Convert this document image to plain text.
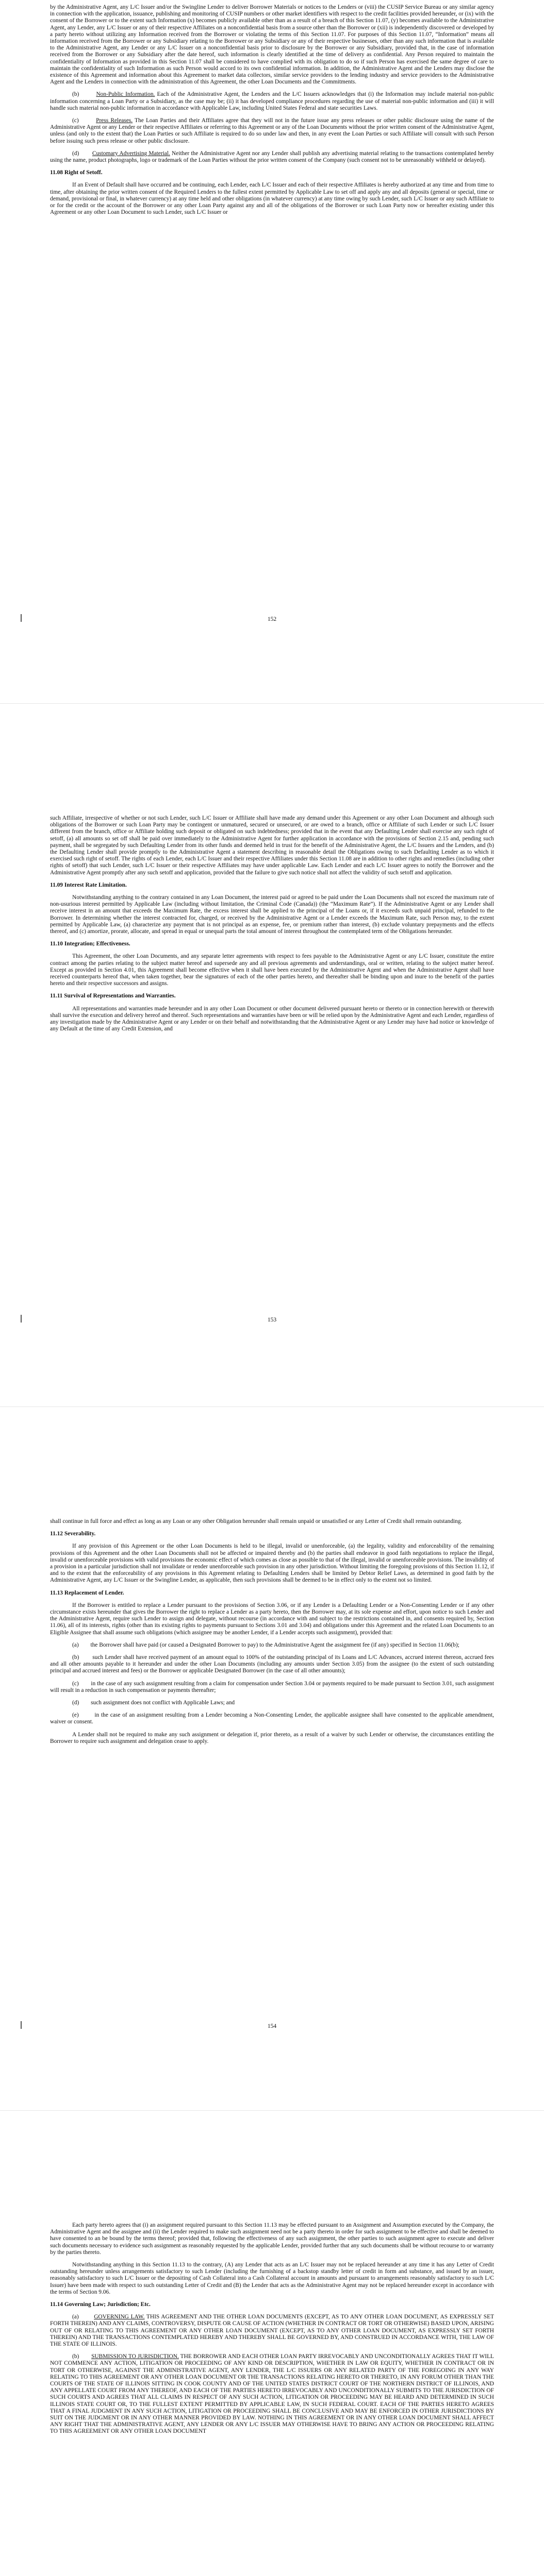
by the Administrative Agent, any L/C Issuer and/or the Swingline Lender to deliver Borrower Materials or notices to the Lenders or (viii) the CUSIP Service Bureau or any similar agency in connection with the application, issuance, publishing and monitoring of CUSIP numbers or other market identifiers with respect to the credit facilities provided hereunder, or (ix) with the consent of the Borrower or to the extent such Information (x) becomes publicly available other than as a result of a breach of this Section 11.07, (y) becomes available to the Administrative Agent, any Lender, any L/C Issuer or any of their respective Affiliates on a nonconfidential basis from a source other than the Borrower or (xii) is independently discovered or developed by a party hereto without utilizing any Information received from the Borrower or violating the terms of this Section 11.07. For purposes of this Section 11.07, “Information” means all information received from the Borrower or any Subsidiary relating to the Borrower or any Subsidiary or any of their respective businesses, other than any such information that is available to the Administrative Agent, any Lender or any L/C Issuer on a nonconfidential basis prior to disclosure by the Borrower or any Subsidiary, provided that, in the case of information received from the Borrower or any Subsidiary after the date hereof, such information is clearly identified at the time of delivery as confidential. Any Person required to maintain the confidentiality of Information as provided in this Section 11.07 shall be considered to have complied with its obligation to do so if such Person has exercised the same degree of care to maintain the confidentiality of such Information as such Person would accord to its own confidential information. In addition, the Administrative Agent and the Lenders may disclose the existence of this Agreement and information about this Agreement to market data collectors, similar service providers to the lending industry and service providers to the Administrative Agent and the Lenders in connection with the administration of this Agreement, the other Loan Documents and the Commitments.

(b)	Non-Public Information. Each of the Administrative Agent, the Lenders and the L/C Issuers acknowledges that (i) the Information may include material non-public information concerning a Loan Party or a Subsidiary, as the case may be; (ii) it has developed compliance procedures regarding the use of material non-public information and (iii) it will handle such material non-public information in accordance with Applicable Law, including United States Federal and state securities Laws.

(c)	Press Releases. The Loan Parties and their Affiliates agree that they will not in the future issue any press releases or other public disclosure using the name of the Administrative Agent or any Lender or their respective Affiliates or referring to this Agreement or any of the Loan Documents without the prior written consent of the Administrative Agent, unless (and only to the extent that) the Loan Parties or such Affiliate is required to do so under law and then, in any event the Loan Parties or such Affiliate will consult with such Person before issuing such press release or other public disclosure.

(d) Customary Advertising Material. Neither the Administrative Agent nor any Lender shall publish any advertising material relating to the transactions contemplated hereby using the name, product photographs, logo or trademark of the Loan Parties without the prior written consent of the Company (such consent not to be unreasonably withheld or delayed).

11.08 Right of Setoff.

If an Event of Default shall have occurred and be continuing, each Lender, each L/C Issuer and each of their respective Affiliates is hereby authorized at any time and from time to time, after obtaining the prior written consent of the Required Lenders to the fullest extent permitted by Applicable Law to set off and apply any and all deposits (general or special, time or demand, provisional or final, in whatever currency) at any time held and other obligations (in whatever currency) at any time owing by such Lender, such L/C Issuer or any such Affiliate to or for the credit or the account of the Borrower or any other Loan Party against any and all of the obligations of the Borrower or such Loan Party now or hereafter existing under this Agreement or any other Loan Document to such Lender, such L/C Issuer or

152

such Affiliate, irrespective of whether or not such Lender, such L/C Issuer or Affiliate shall have made any demand under this Agreement or any other Loan Document and although such obligations of the Borrower or such Loan Party may be contingent or unmatured, secured or unsecured, or are owed to a branch, office or Affiliate of such Lender or such L/C Issuer different from the branch, office or Affiliate holding such deposit or obligated on such indebtedness; provided that in the event that any Defaulting Lender shall exercise any such right of setoff, (a) all amounts so set off shall be paid over immediately to the Administrative Agent for further application in accordance with the provisions of Section 2.15 and, pending such payment, shall be segregated by such Defaulting Lender from its other funds and deemed held in trust for the benefit of the Administrative Agent, the L/C Issuers and the Lenders, and (b) the Defaulting Lender shall provide promptly to the Administrative Agent a statement describing in reasonable detail the Obligations owing to such Defaulting Lender as to which it exercised such right of setoff. The rights of each Lender, each L/C Issuer and their respective Affiliates under this Section 11.08 are in addition to other rights and remedies (including other rights of setoff) that such Lender, such L/C Issuer or their respective Affiliates may have under applicable Law. Each Lender and each L/C Issuer agrees to notify the Borrower and the Administrative Agent promptly after any such setoff and application, provided that the failure to give such notice shall not affect the validity of such setoff and application.

11.09 Interest Rate Limitation.

Notwithstanding anything to the contrary contained in any Loan Document, the interest paid or agreed to be paid under the Loan Documents shall not exceed the maximum rate of non-usurious interest permitted by Applicable Law (including without limitation, the Criminal Code (Canada)) (the “Maximum Rate”). If the Administrative Agent or any Lender shall receive interest in an amount that exceeds the Maximum Rate, the excess interest shall be applied to the principal of the Loans or, if it exceeds such unpaid principal, refunded to the Borrower. In determining whether the interest contracted for, charged, or received by the Administrative Agent or a Lender exceeds the Maximum Rate, such Person may, to the extent permitted by Applicable Law, (a) characterize any payment that is not principal as an expense, fee, or premium rather than interest, (b) exclude voluntary prepayments and the effects thereof, and (c) amortize, prorate, allocate, and spread in equal or unequal parts the total amount of interest throughout the contemplated term of the Obligations hereunder.

11.10 Integration; Effectiveness.

This Agreement, the other Loan Documents, and any separate letter agreements with respect to fees payable to the Administrative Agent or any L/C Issuer, constitute the entire contract among the parties relating to the subject matter hereof and supersede any and all previous agreements and understandings, oral or written, relating to the subject matter hereof. Except as provided in Section 4.01, this Agreement shall become effective when it shall have been executed by the Administrative Agent and when the Administrative Agent shall have received counterparts hereof that, when taken together, bear the signatures of each of the other parties hereto, and thereafter shall be binding upon and inure to the benefit of the parties hereto and their respective successors and assigns.

11.11 Survival of Representations and Warranties.

All representations and warranties made hereunder and in any other Loan Document or other document delivered pursuant hereto or thereto or in connection herewith or therewith shall survive the execution and delivery hereof and thereof. Such representations and warranties have been or will be relied upon by the Administrative Agent and each Lender, regardless of any investigation made by the Administrative Agent or any Lender or on their behalf and notwithstanding that the Administrative Agent or any Lender may have had notice or knowledge of any Default at the time of any Credit Extension, and

153

shall continue in full force and effect as long as any Loan or any other Obligation hereunder shall remain unpaid or unsatisfied or any Letter of Credit shall remain outstanding.

11.12 Severability.

If any provision of this Agreement or the other Loan Documents is held to be illegal, invalid or unenforceable, (a) the legality, validity and enforceability of the remaining provisions of this Agreement and the other Loan Documents shall not be affected or impaired thereby and (b) the parties shall endeavor in good faith negotiations to replace the illegal, invalid or unenforceable provisions with valid provisions the economic effect of which comes as close as possible to that of the illegal, invalid or unenforceable provisions. The invalidity of a provision in a particular jurisdiction shall not invalidate or render unenforceable such provision in any other jurisdiction. Without limiting the foregoing provisions of this Section 11.12, if and to the extent that the enforceability of any provisions in this Agreement relating to Defaulting Lenders shall be limited by Debtor Relief Laws, as determined in good faith by the Administrative Agent, any L/C Issuer or the Swingline Lender, as applicable, then such provisions shall be deemed to be in effect only to the extent not so limited.

11.13 Replacement of Lender.

If the Borrower is entitled to replace a Lender pursuant to the provisions of Section 3.06, or if any Lender is a Defaulting Lender or a Non-Consenting Lender or if any other circumstance exists hereunder that gives the Borrower the right to replace a Lender as a party hereto, then the Borrower may, at its sole expense and effort, upon notice to such Lender and the Administrative Agent, require such Lender to assign and delegate, without recourse (in accordance with and subject to the restrictions contained in, and consents required by, Section 11.06), all of its interests, rights (other than its existing rights to payments pursuant to Sections 3.01 and 3.04) and obligations under this Agreement and the related Loan Documents to an Eligible Assignee that shall assume such obligations (which assignee may be another Lender, if a Lender accepts such assignment), provided that:

(a) the Borrower shall have paid (or caused a Designated Borrower to pay) to the Administrative Agent the assignment fee (if any) specified in Section 11.06(b);

(b) such Lender shall have received payment of an amount equal to 100% of the outstanding principal of its Loans and L/C Advances, accrued interest thereon, accrued fees and all other amounts payable to it hereunder and under the other Loan Documents (including any amounts under Section 3.05) from the assignee (to the extent of such outstanding principal and accrued interest and fees) or the Borrower or applicable Designated Borrower (in the case of all other amounts);

(c) in the case of any such assignment resulting from a claim for compensation under Section 3.04 or payments required to be made pursuant to Section 3.01, such assignment will result in a reduction in such compensation or payments thereafter;

(d) such assignment does not conflict with Applicable Laws; and

(e)	in the case of an assignment resulting from a Lender becoming a Non-Consenting Lender, the applicable assignee shall have consented to the applicable amendment, waiver or consent.

A Lender shall not be required to make any such assignment or delegation if, prior thereto, as a result of a waiver by such Lender or otherwise, the circumstances entitling the Borrower to require such assignment and delegation cease to apply.

154

Each party hereto agrees that (i) an assignment required pursuant to this Section 11.13 may be effected pursuant to an Assignment and Assumption executed by the Company, the Administrative Agent and the assignee and (ii) the Lender required to make such assignment need not be a party thereto in order for such assignment to be effective and shall be deemed to have consented to an be bound by the terms thereof; provided that, following the effectiveness of any such assignment, the other parties to such assignment agree to execute and deliver such documents necessary to evidence such assignment as reasonably requested by the applicable Lender, provided further that any such documents shall be without recourse to or warranty by the parties thereto.

Notwithstanding anything in this Section 11.13 to the contrary, (A) any Lender that acts as an L/C Issuer may not be replaced hereunder at any time it has any Letter of Credit outstanding hereunder unless arrangements satisfactory to such Lender (including the furnishing of a backstop standby letter of credit in form and substance, and issued by an issuer, reasonably satisfactory to such L/C Issuer or the depositing of Cash Collateral into a Cash Collateral account in amounts and pursuant to arrangements reasonably satisfactory to such L/C Issuer) have been made with respect to such outstanding Letter of Credit and (B) the Lender that acts as the Administrative Agent may not be replaced hereunder except in accordance with the terms of Section 9.06.

11.14 Governing Law; Jurisdiction; Etc.

(a)	GOVERNING LAW. THIS AGREEMENT AND THE OTHER LOAN DOCUMENTS (EXCEPT, AS TO ANY OTHER LOAN DOCUMENT, AS EXPRESSLY SET FORTH THEREIN) AND ANY CLAIMS, CONTROVERSY, DISPUTE OR CAUSE OF ACTION (WHETHER IN CONTRACT OR TORT OR OTHERWISE) BASED UPON, ARISING OUT OF OR RELATING TO THIS AGREEMENT OR ANY OTHER LOAN DOCUMENT (EXCEPT, AS TO ANY OTHER LOAN DOCUMENT, AS EXPRESSLY SET FORTH THEREIN) AND THE TRANSACTIONS CONTEMPLATED HEREBY AND THEREBY SHALL BE GOVERNED BY, AND CONSTRUED IN ACCORDANCE WITH, THE LAW OF THE STATE OF ILLINOIS.

(b) SUBMISSION TO JURISDICTION. THE BORROWER AND EACH OTHER LOAN PARTY IRREVOCABLY AND UNCONDITIONALLY AGREES THAT IT WILL NOT COMMENCE ANY ACTION, LITIGATION OR PROCEEDING OF ANY KIND OR DESCRIPTION, WHETHER IN LAW OR EQUITY, WHETHER IN CONTRACT OR IN TORT OR OTHERWISE, AGAINST THE ADMINISTRATIVE AGENT, ANY LENDER, THE L/C ISSUERS OR ANY RELATED PARTY OF THE FOREGOING IN ANY WAY RELATING TO THIS AGREEMENT OR ANY OTHER LOAN DOCUMENT OR THE TRANSACTIONS RELATING HERETO OR THERETO, IN ANY FORUM OTHER THAN THE COURTS OF THE STATE OF ILLINOIS SITTING IN COOK COUNTY AND OF THE UNITED STATES DISTRICT COURT OF THE NORTHERN DISTRICT OF ILLINOIS, AND ANY APPELLATE COURT FROM ANY THEREOF, AND EACH OF THE PARTIES HERETO IRREVOCABLY AND UNCONDITIONALLY SUBMITS TO THE JURISDICTION OF SUCH COURTS AND AGREES THAT ALL CLAIMS IN RESPECT OF ANY SUCH ACTION, LITIGATION OR PROCEEDING MAY BE HEARD AND DETERMINED IN SUCH ILLINOIS STATE COURT OR, TO THE FULLEST EXTENT PERMITTED BY APPLICABLE LAW, IN SUCH FEDERAL COURT. EACH OF THE PARTIES HERETO AGREES THAT A FINAL JUDGMENT IN ANY SUCH ACTION, LITIGATION OR PROCEEDING SHALL BE CONCLUSIVE AND MAY BE ENFORCED IN OTHER JURISDICTIONS BY SUIT ON THE JUDGMENT OR IN ANY OTHER MANNER PROVIDED BY LAW. NOTHING IN THIS AGREEMENT OR IN ANY OTHER LOAN DOCUMENT SHALL AFFECT ANY RIGHT THAT THE ADMINISTRATIVE AGENT, ANY LENDER OR ANY L/C ISSUER MAY OTHERWISE HAVE TO BRING ANY ACTION OR PROCEEDING RELATING TO THIS AGREEMENT OR ANY OTHER LOAN DOCUMENT
